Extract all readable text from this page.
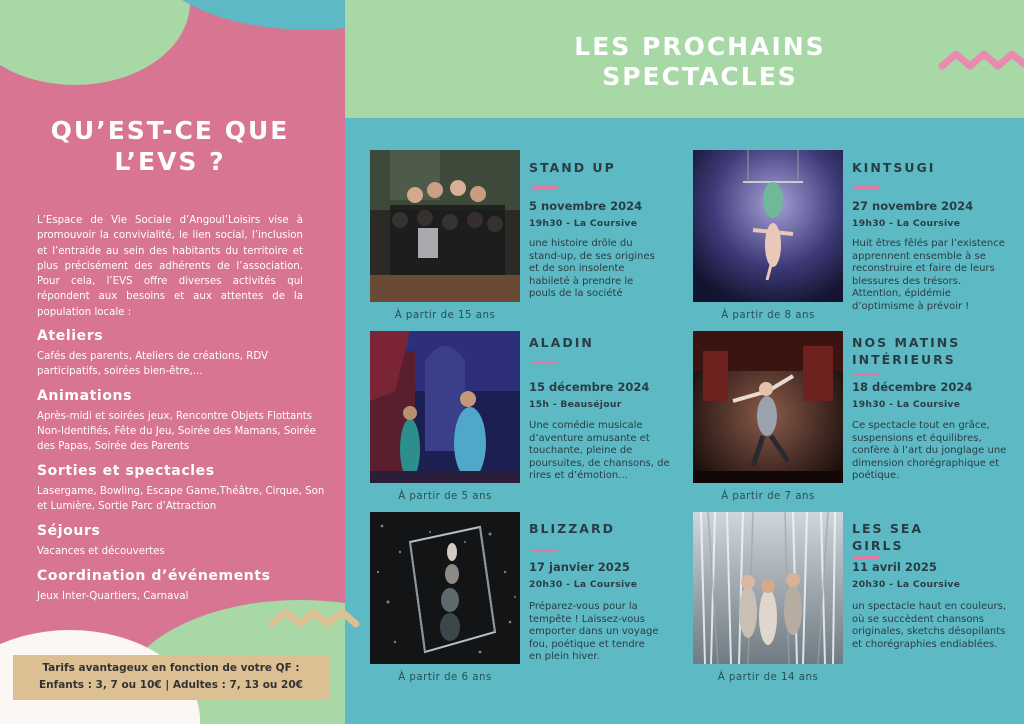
QU’EST-CE QUE L’EVS ?

L’Espace de Vie Sociale d’Angoul’Loisirs vise à promouvoir la convivialité, le lien social, l’inclusion et l’entraide au sein des habitants du territoire et plus précisément des adhérents de l’association. Pour cela, l’EVS offre diverses activités qui répondent aux besoins et aux attentes de la population locale :

Ateliers
Cafés des parents, Ateliers de créations, RDV participatifs, soirées bien-être,...
Animations
Après-midi et soirées jeux, Rencontre Objets Flottants Non-Identifiés, Fête du Jeu, Soirée des Mamans, Soirée des Papas, Soirée des Parents
Sorties et spectacles
Lasergame, Bowling, Escape Game,Théâtre, Cirque, Son et Lumière, Sortie Parc d’Attraction
Séjours
Vacances et découvertes
Coordination d’événements
Jeux Inter-Quartiers, Carnaval
Tarifs avantageux en fonction de votre QF :
Enfants : 3, 7 ou 10€ | Adultes : 7, 13 ou 20€
LES PROCHAINS SPECTACLES
À partir de 15 ans
STAND UP
5 novembre 2024
19h30 - La Coursive
une histoire drôle du stand-up, de ses origines et de son insolente habileté à prendre le pouls de la société
À partir de 8 ans
KINTSUGI
27 novembre 2024
19h30 - La Coursive
Huit êtres fêlés par l’existence apprennent ensemble à se reconstruire et faire de leurs blessures des trésors. Attention, épidémie d’optimisme à prévoir !
À partir de 5 ans
ALADIN
15 décembre 2024
15h - Beauséjour
Une comédie musicale d’aventure amusante et touchante, pleine de poursuites, de chansons, de rires et d’émotion...
À partir de 7 ans
NOS MATINS INTÉRIEURS
18 décembre 2024
19h30 - La Coursive
Ce spectacle tout en grâce, suspensions et équilibres, confère à l’art du jonglage une dimension chorégraphique et poétique.
À partir de 6 ans
BLIZZARD
17 janvier 2025
20h30 - La Coursive
Préparez-vous pour la tempête ! Laissez-vous emporter dans un voyage fou, poétique et tendre en plein hiver.
À partir de 14 ans
LES SEA GIRLS
11 avril 2025
20h30 - La Coursive
un spectacle haut en couleurs, où se succèdent chansons originales, sketchs désopilants et chorégraphies endiablées.
